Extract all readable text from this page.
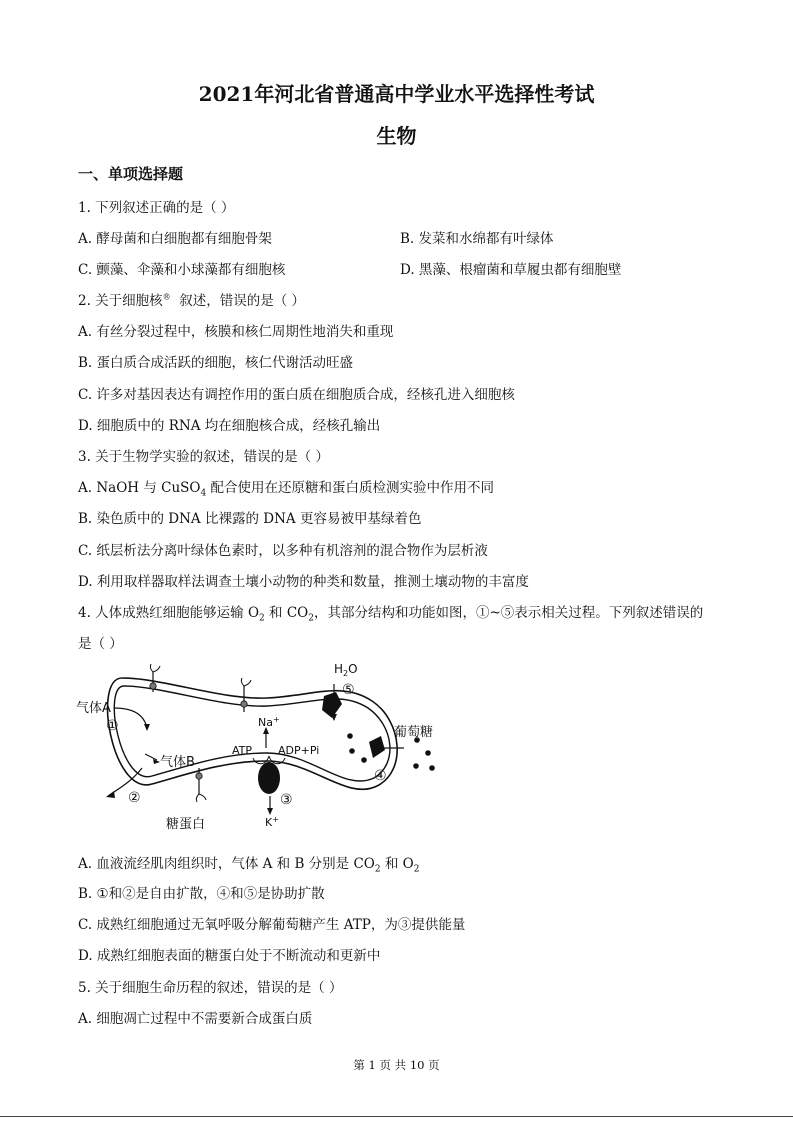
2021年河北省普通高中学业水平选择性考试
生物
一、单项选择题
1. 下列叙述正确的是（ ）
A. 酵母菌和白细胞都有细胞骨架	B. 发菜和水绵都有叶绿体
C. 颤藻、伞藻和小球藻都有细胞核	D. 黑藻、根瘤菌和草履虫都有细胞壁
2. 关于细胞核® 叙述，错误的是（ ）
A. 有丝分裂过程中，核膜和核仁周期性地消失和重现
B. 蛋白质合成活跃的细胞，核仁代谢活动旺盛
C. 许多对基因表达有调控作用的蛋白质在细胞质合成，经核孔进入细胞核
D. 细胞质中的 RNA 均在细胞核合成，经核孔输出
3. 关于生物学实验的叙述，错误的是（ ）
A. NaOH 与 CuSO$_4$ 配合使用在还原糖和蛋白质检测实验中作用不同
B. 染色质中的 DNA 比裸露的 DNA 更容易被甲基绿着色
C. 纸层析法分离叶绿体色素时，以多种有机溶剂的混合物作为层析液
D. 利用取样器取样法调查土壤小动物的种类和数量，推测土壤动物的丰富度
4. 人体成熟红细胞能够运输 $O_2$ 和 $CO_2$，其部分结构和功能如图，①~⑤表示相关过程。下列叙述错误的
是（ ）
气体A
①
气体B
②
糖蛋白
葡萄糖
④
⑤
$H_2O$
Na+
ATP ADP+Pi
③
K+
A. 血液流经肌肉组织时，气体 A 和 B 分别是 $CO_2$ 和 $O_2$
B. ①和②是自由扩散，④和⑤是协助扩散
C. 成熟红细胞通过无氧呼吸分解葡萄糖产生 ATP，为③提供能量
D. 成熟红细胞表面的糖蛋白处于不断流动和更新中
5. 关于细胞生命历程的叙述，错误的是（ ）
A. 细胞凋亡过程中不需要新合成蛋白质
第 1 页 共 10 页
